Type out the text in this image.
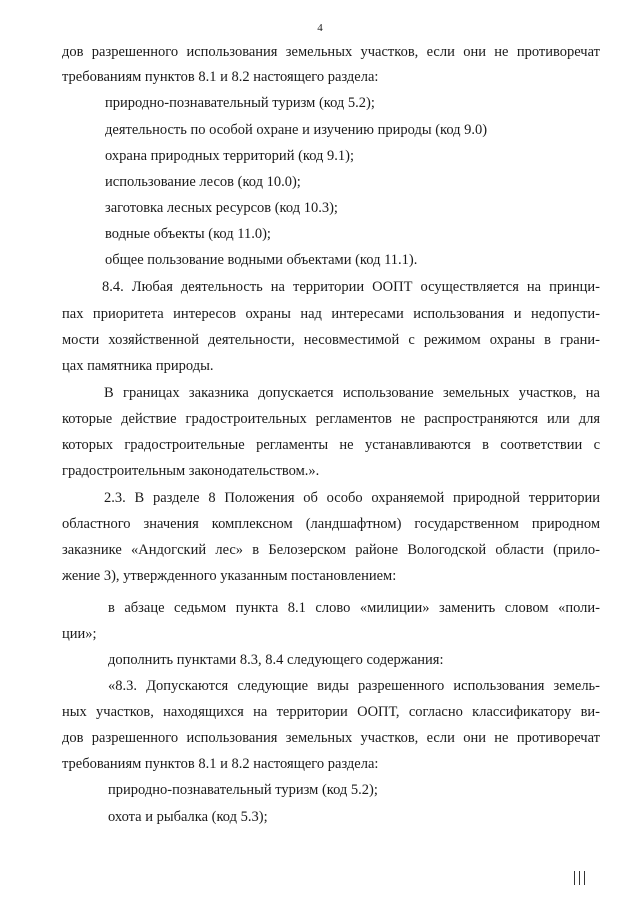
4
дов разрешенного использования земельных участков, если они не противоречат
требованиям пунктов 8.1 и 8.2 настоящего раздела:
природно-познавательный туризм (код 5.2);
деятельность по особой охране и изучению природы (код 9.0)
охрана природных территорий (код 9.1);
использование лесов (код 10.0);
заготовка лесных ресурсов (код 10.3);
водные объекты (код 11.0);
общее пользование водными объектами (код 11.1).
8.4. Любая деятельность на территории ООПТ осуществляется на принци-
пах приоритета интересов охраны над интересами использования и недопусти-
мости хозяйственной деятельности, несовместимой с режимом охраны в грани-
цах памятника природы.
В границах заказника допускается использование земельных участков, на
которые действие градостроительных регламентов не распространяются или для
которых градостроительные регламенты не устанавливаются в соответствии с
градостроительным законодательством.».
2.3. В разделе 8 Положения об особо охраняемой природной территории
областного значения комплексном (ландшафтном) государственном природном
заказнике «Андогский лес» в Белозерском районе Вологодской области (прило-
жение 3), утвержденного указанным постановлением:
в абзаце седьмом пункта 8.1 слово «милиции» заменить словом «поли-
ции»;
дополнить пунктами 8.3, 8.4 следующего содержания:
«8.3. Допускаются следующие виды разрешенного использования земель-
ных участков, находящихся на территории ООПТ, согласно классификатору ви-
дов разрешенного использования земельных участков, если они не противоречат
требованиям пунктов 8.1 и 8.2 настоящего раздела:
природно-познавательный туризм (код 5.2);
охота и рыбалка (код 5.3);
